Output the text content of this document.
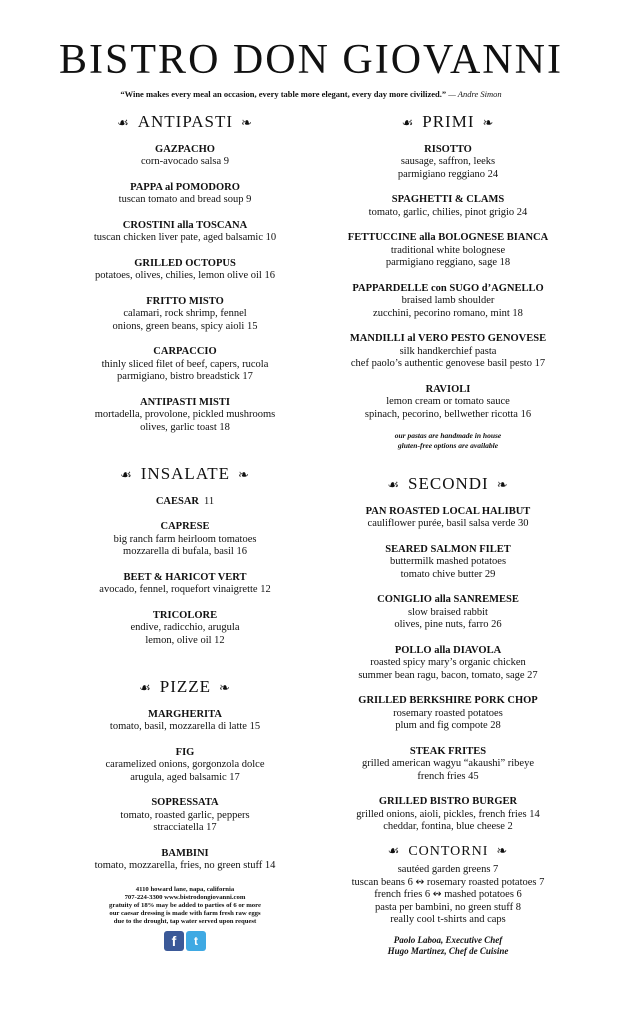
BISTRO DON GIOVANNI
“Wine makes every meal an occasion, every table more elegant, every day more civilized.” — Andre Simon
☙ ANTIPASTI ❧
GAZPACHO
corn-avocado salsa 9
PAPPA al POMODORO
tuscan tomato and bread soup 9
CROSTINI alla TOSCANA
tuscan chicken liver pate, aged balsamic 10
GRILLED OCTOPUS
potatoes, olives, chilies, lemon olive oil 16
FRITTO MISTO
calamari, rock shrimp, fennel
onions, green beans, spicy aioli 15
CARPACCIO
thinly sliced filet of beef, capers, rucola
parmigiano, bistro breadstick 17
ANTIPASTI MISTI
mortadella, provolone, pickled mushrooms
olives, garlic toast 18
☙ INSALATE ❧
CAESAR 11
CAPRESE
big ranch farm heirloom tomatoes
mozzarella di bufala, basil 16
BEET & HARICOT VERT
avocado, fennel, roquefort vinaigrette 12
TRICOLORE
endive, radicchio, arugula
lemon, olive oil 12
☙ PIZZE ❧
MARGHERITA
tomato, basil, mozzarella di latte 15
FIG
caramelized onions, gorgonzola dolce
arugula, aged balsamic 17
SOPRESSATA
tomato, roasted garlic, peppers
stracciatella 17
BAMBINI
tomato, mozzarella, fries, no green stuff 14
4110 howard lane, napa, california
707-224-3300 www.bistrodongiovanni.com
gratuity of 18% may be added to parties of 6 or more
our caesar dressing is made with farm fresh raw eggs
due to the drought, tap water served upon request
f	t
☙ PRIMI ❧
RISOTTO
sausage, saffron, leeks
parmigiano reggiano 24
SPAGHETTI & CLAMS
tomato, garlic, chilies, pinot grigio 24
FETTUCCINE alla BOLOGNESE BIANCA
traditional white bolognese
parmigiano reggiano, sage 18
PAPPARDELLE con SUGO d’AGNELLO
braised lamb shoulder
zucchini, pecorino romano, mint 18
MANDILLI al VERO PESTO GENOVESE
silk handkerchief pasta
chef paolo’s authentic genovese basil pesto 17
RAVIOLI
lemon cream or tomato sauce
spinach, pecorino, bellwether ricotta 16
our pastas are handmade in house
gluten-free options are available
☙ SECONDI ❧
PAN ROASTED LOCAL HALIBUT
cauliflower purée, basil salsa verde 30
SEARED SALMON FILET
buttermilk mashed potatoes
tomato chive butter 29
CONIGLIO alla SANREMESE
slow braised rabbit
olives, pine nuts, farro 26
POLLO alla DIAVOLA
roasted spicy mary’s organic chicken
summer bean ragu, bacon, tomato, sage 27
GRILLED BERKSHIRE PORK CHOP
rosemary roasted potatoes
plum and fig compote 28
STEAK FRITES
grilled american wagyu “akaushi” ribeye
french fries 45
GRILLED BISTRO BURGER
grilled onions, aioli, pickles, french fries 14
cheddar, fontina, blue cheese 2
☙ CONTORNI ❧
sautéed garden greens 7
tuscan beans 6 ↭ rosemary roasted potatoes 7
french fries 6 ↭ mashed potatoes 6
pasta per bambini, no green stuff 8
really cool t-shirts and caps
Paolo Laboa, Executive Chef
Hugo Martinez, Chef de Cuisine
